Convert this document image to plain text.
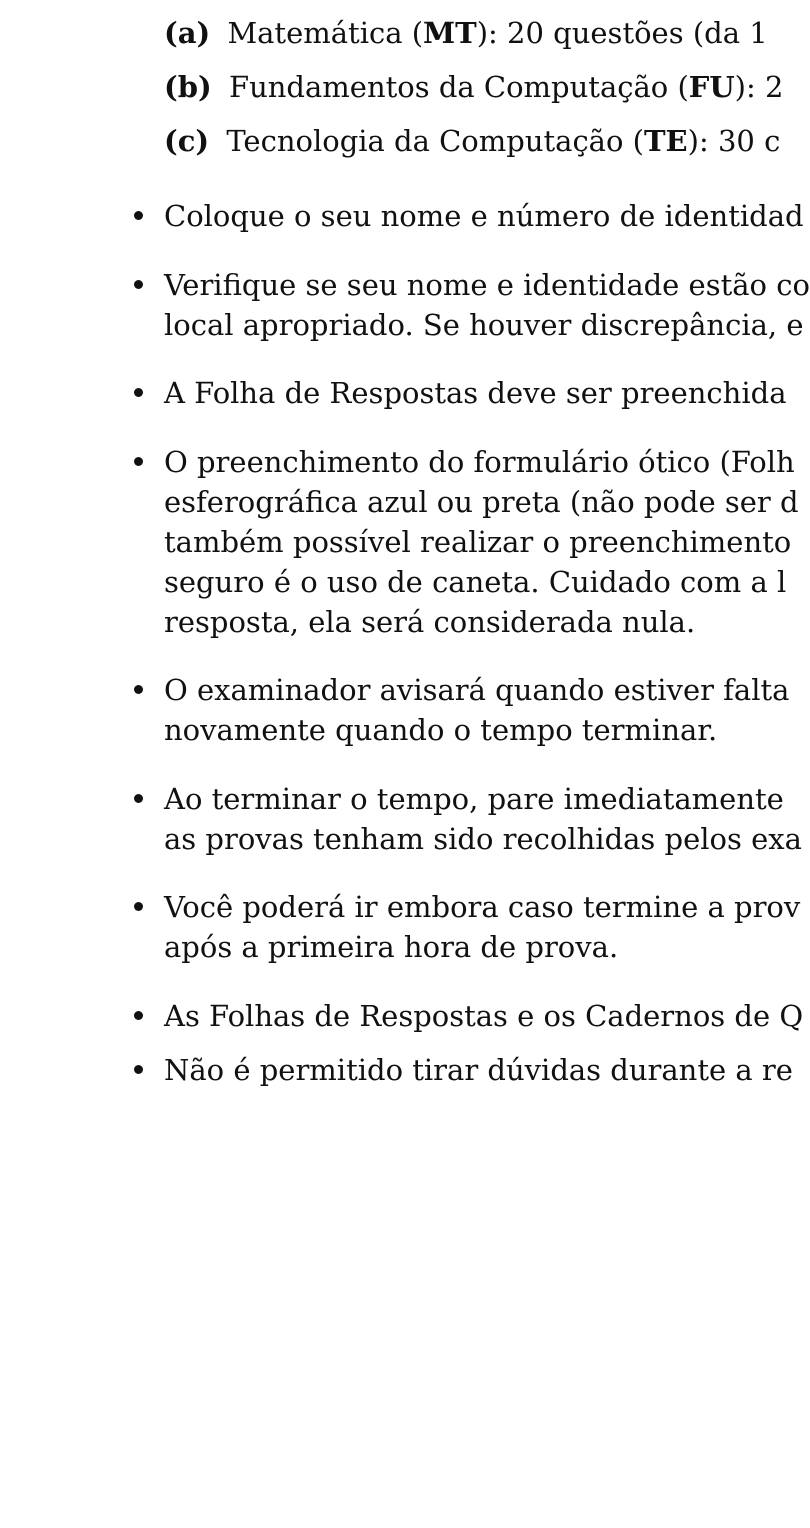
(a) Matemática (MT): 20 questões (da 1
(b) Fundamentos da Computação (FU): 2
(c) Tecnologia da Computação (TE): 30 c
Coloque o seu nome e número de identidad
Verifique se seu nome e identidade estão co
local apropriado. Se houver discrepância, e
A Folha de Respostas deve ser preenchida
O preenchimento do formulário ótico (Folh
esferográfica azul ou preta (não pode ser d
também possível realizar o preenchimento
seguro é o uso de caneta. Cuidado com a l
resposta, ela será considerada nula.
O examinador avisará quando estiver falta
novamente quando o tempo terminar.
Ao terminar o tempo, pare imediatamente
as provas tenham sido recolhidas pelos exa
Você poderá ir embora caso termine a prov
após a primeira hora de prova.
As Folhas de Respostas e os Cadernos de Q
Não é permitido tirar dúvidas durante a re
